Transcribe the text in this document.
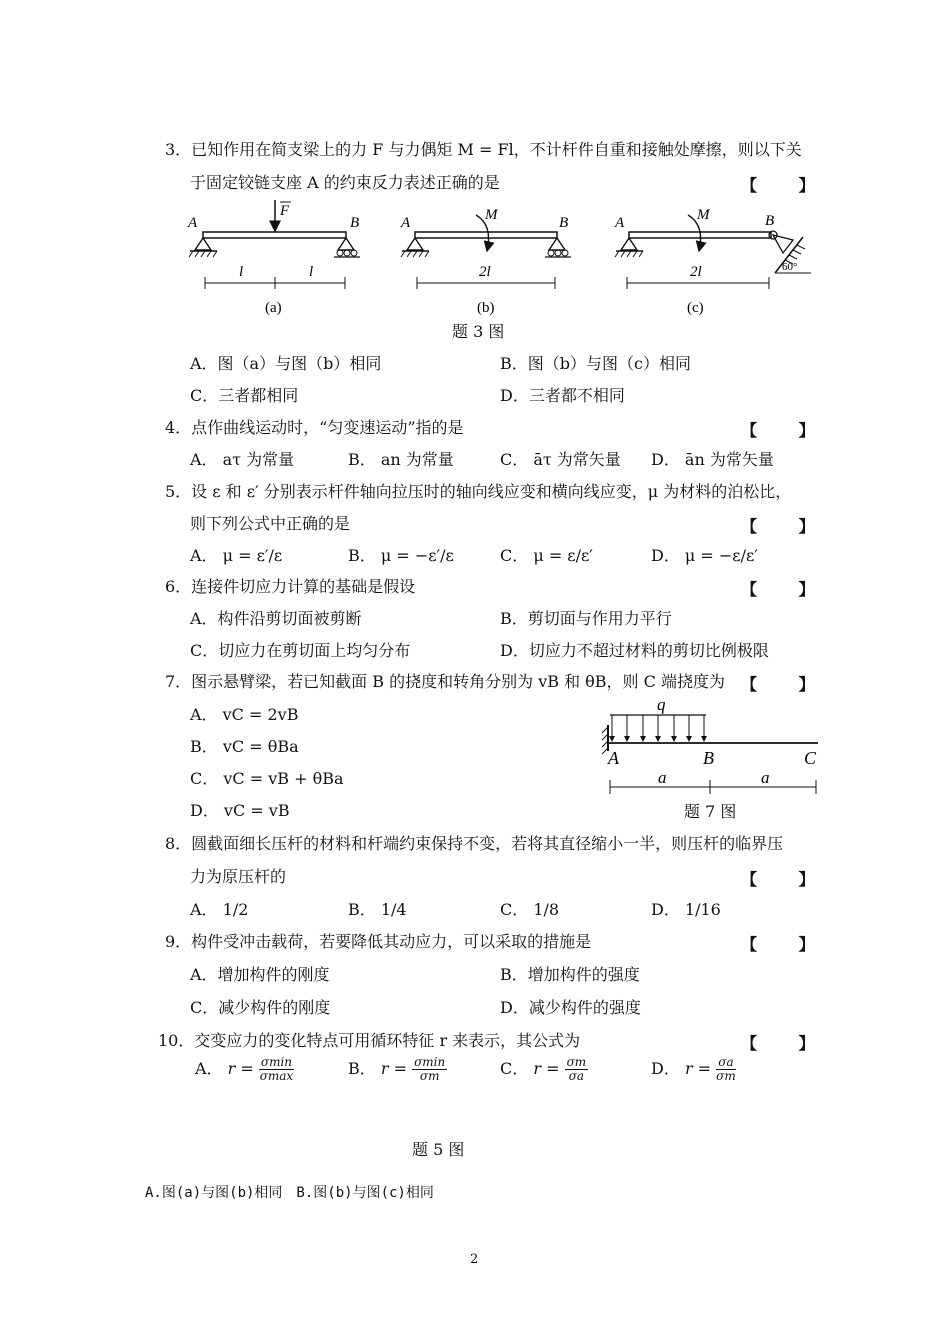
3．已知作用在简支梁上的力 F 与力偶矩 M = Fl，不计杆件自重和接触处摩擦，则以下关
于固定铰链支座 A 的约束反力表述正确的是	【 】
A	B
F
l	l
(a)
A	B
M
2l
(b)
60°
A	B
M
2l
(c)
题 3 图
A．图（a）与图（b）相同	B．图（b）与图（c）相同
C．三者都相同	D．三者都不相同
4．点作曲线运动时，“匀变速运动”指的是	【 】
A． aτ 为常量	B． an 为常量	C． āτ 为常矢量 D． ān 为常矢量
5．设 ε 和 ε′ 分别表示杆件轴向拉压时的轴向线应变和横向线应变，μ 为材料的泊松比，
则下列公式中正确的是	【 】
A． μ = ε′/ε	B． μ = −ε′/ε	C． μ = ε/ε′	D． μ = −ε/ε′
6．连接件切应力计算的基础是假设	【 】
A．构件沿剪切面被剪断	B．剪切面与作用力平行
C．切应力在剪切面上均匀分布	D．切应力不超过材料的剪切比例极限
7．图示悬臂梁，若已知截面 B 的挠度和转角分别为 vB 和 θB，则 C 端挠度为 【 】
A． vC = 2vB
B． vC = θBa
C． vC = vB + θBa
D． vC = vB
q
A	B	C
a	a
题 7 图
8．圆截面细长压杆的材料和杆端约束保持不变，若将其直径缩小一半，则压杆的临界压
力为原压杆的	【 】
A． 1/2	B． 1/4	C． 1/8	D． 1/16
9．构件受冲击载荷，若要降低其动应力，可以采取的措施是	【 】
A．增加构件的刚度	B．增加构件的强度
C．减少构件的刚度	D．减少构件的强度
10．交变应力的变化特点可用循环特征 r 来表示，其公式为	【 】
A． $r = \frac{\sigma\min}{\sigma\max}$	B． $r = \frac{\sigma\min}{\sigma m}$	C． $r = \frac{\sigma m}{\sigma a}$	D． $r = \frac{\sigma a}{\sigma m}$
题 5 图
A.图(a)与图(b)相同　B.图(b)与图(c)相同
2
